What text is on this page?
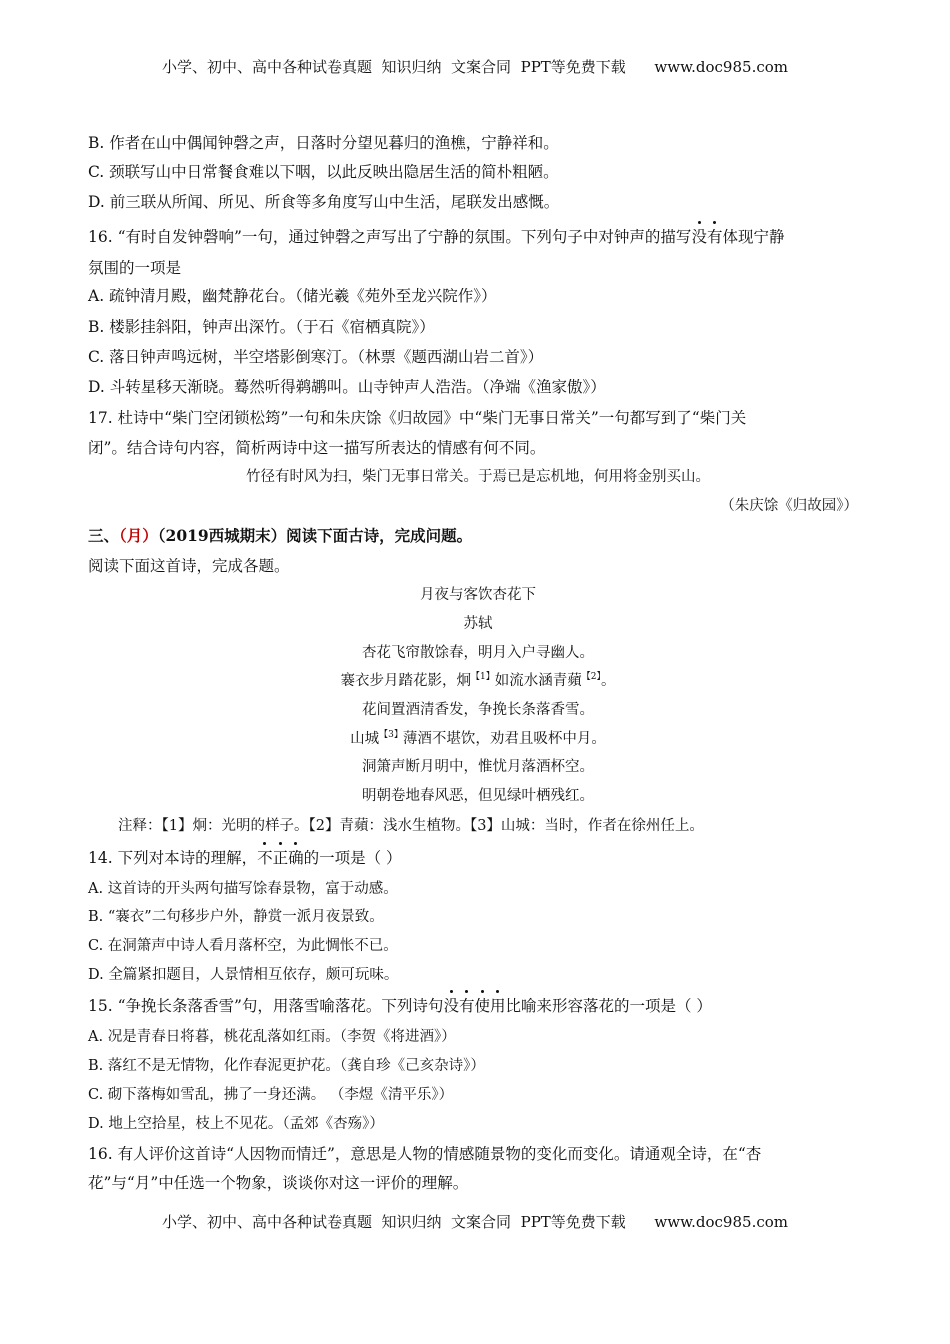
小学、初中、高中各种试卷真题  知识归纳  文案合同  PPT等免费下载      www.doc985.com
B. 作者在山中偶闻钟磬之声，日落时分望见暮归的渔樵，宁静祥和。
C. 颈联写山中日常餐食难以下咽，以此反映出隐居生活的简朴粗陋。
D. 前三联从所闻、所见、所食等多角度写山中生活，尾联发出感慨。
16. “有时自发钟磬响”一句，通过钟磬之声写出了宁静的氛围。下列句子中对钟声的描写没有体现宁静
氛围的一项是
A. 疏钟清月殿，幽梵静花台。（储光羲《苑外至龙兴院作》）
B. 楼影挂斜阳，钟声出深竹。（于石《宿栖真院》）
C. 落日钟声鸣远树，半空塔影倒寒汀。（林票《题西湖山岩二首》）
D. 斗转星移天渐晓。蓦然听得鹈鹕叫。山寺钟声人浩浩。（净端《渔家傲》）
17. 杜诗中“柴门空闭锁松筠”一句和朱庆馀《归故园》中“柴门无事日常关”一句都写到了“柴门关
闭”。结合诗句内容，简析两诗中这一描写所表达的情感有何不同。
竹径有时风为扫，柴门无事日常关。于焉已是忘机地，何用将金别买山。
（朱庆馀《归故园》）
三、（月）（2019西城期末）阅读下面古诗，完成问题。
阅读下面这首诗，完成各题。
月夜与客饮杏花下
苏轼
杏花飞帘散馀春，明月入户寻幽人。
褰衣步月踏花影，炯$^{【1】}$如流水涵青蘋$^{【2】}$。
花间置酒清香发，争挽长条落香雪。
山城$^{【3】}$薄酒不堪饮，劝君且吸杯中月。
洞箫声断月明中，惟忧月落酒杯空。
明朝卷地春风恶，但见绿叶栖残红。
注释：【1】炯：光明的样子。【2】青蘋：浅水生植物。【3】山城：当时，作者在徐州任上。
14. 下列对本诗的理解，不正确的一项是（ ）
A. 这首诗的开头两句描写馀春景物，富于动感。
B. “褰衣”二句移步户外，静赏一派月夜景致。
C. 在洞箫声中诗人看月落杯空，为此惆怅不已。
D. 全篇紧扣题目，人景情相互依存，颇可玩味。
15. “争挽长条落香雪”句，用落雪喻落花。下列诗句没有使用比喻来形容落花的一项是（ ）
A. 况是青春日将暮，桃花乱落如红雨。（李贺《将进酒》）
B. 落红不是无情物，化作春泥更护花。（龚自珍《己亥杂诗》）
C. 砌下落梅如雪乱，拂了一身还满。 （李煜《清平乐》）
D. 地上空拾星，枝上不见花。（孟郊《杏殇》）
16. 有人评价这首诗“人因物而情迁”，意思是人物的情感随景物的变化而变化。请通观全诗，在“杏
花”与“月”中任选一个物象，谈谈你对这一评价的理解。
小学、初中、高中各种试卷真题  知识归纳  文案合同  PPT等免费下载      www.doc985.com
